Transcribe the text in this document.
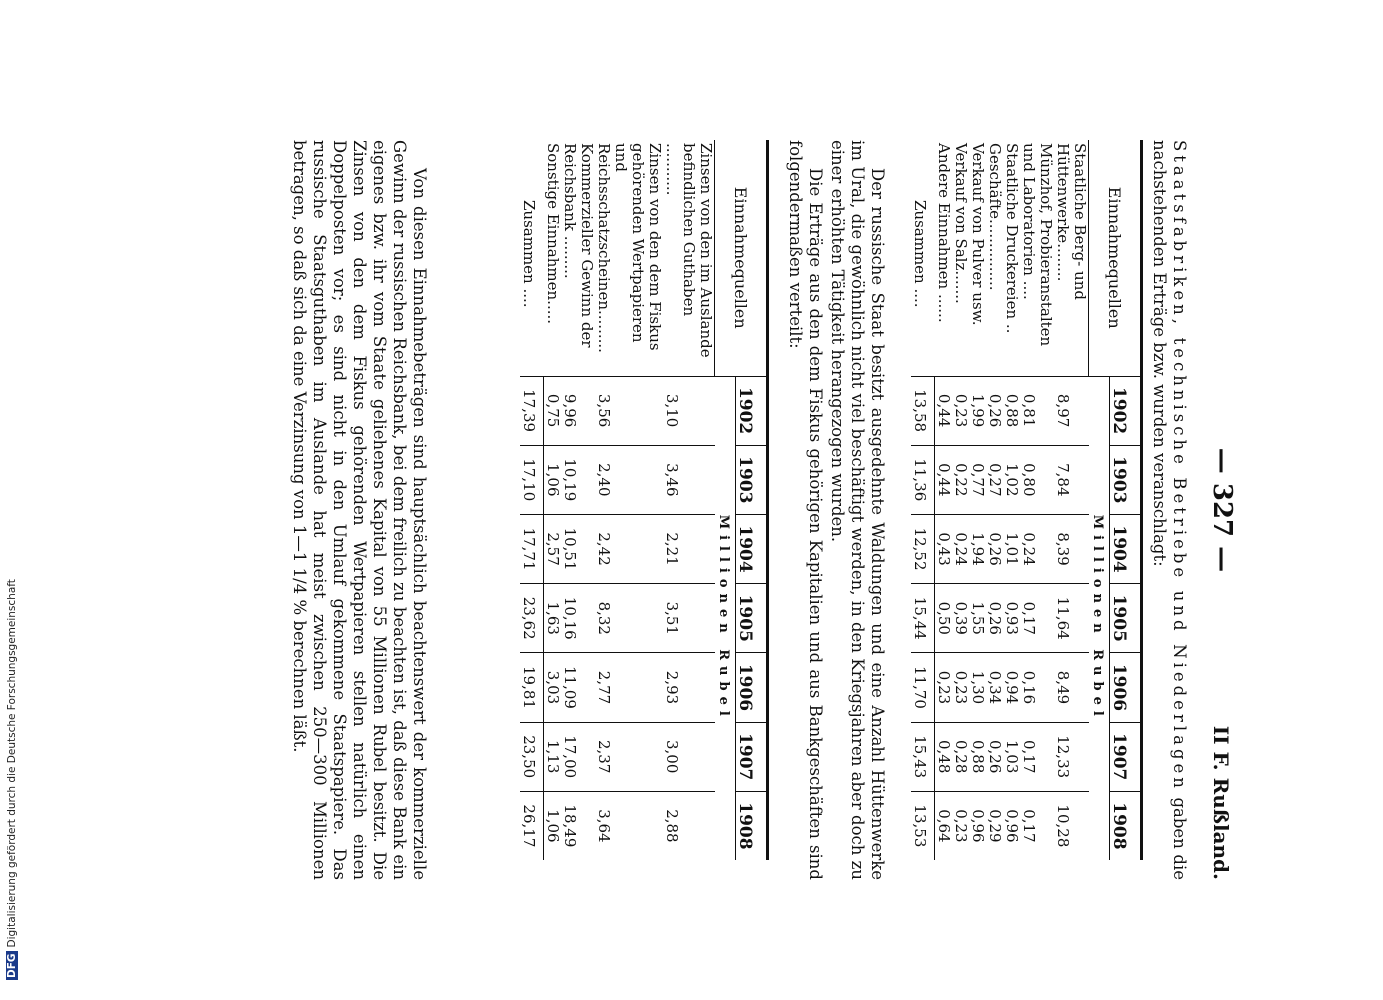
— 327 —
II F. Rußland.

Staatsfabriken, technische Betriebe und Niederlagen gaben die nachstehenden Erträge bzw. wurden veranschlagt:

Einnahmequellen	1902	1903	1904	1905	1906	1907	1908
	Millionen Rubel						
Staatliche Berg- und Hüttenwerke........	8,97	7,84	8,39	11,64	8,49	12,33	10,28
Münzhof, Probieranstalten und Laboratorien ....	0,81	0,80	0,24	0,17	0,16	0,17	0,17
Staatliche Druckereien ..	0,88	1,02	1,01	0,93	0,94	1,03	0,96
Geschäfte...............	0,26	0,27	0,26	0,26	0,34	0,26	0,29
Verkauf von Pulver usw.	1,99	0,77	1,94	1,55	1,30	0,88	0,96
Verkauf von Salz.......	0,23	0,22	0,24	0,39	0,23	0,28	0,23
Andere Einnahmen ......	0,44	0,44	0,43	0,50	0,23	0,48	0,64
Zusammen ....	13,58	11,36	12,52	15,44	11,70	15,43	13,53

Der russische Staat besitzt ausgedehnte Waldungen und eine Anzahl Hüttenwerke im Ural, die gewöhnlich nicht viel beschäftigt werden, in den Kriegsjahren aber doch zu einer erhöhten Tätigkeit herangezogen wurden.

Die Erträge aus den dem Fiskus gehörigen Kapitalien und aus Bankgeschäften sind folgendermaßen verteilt:

Einnahmequellen	1902	1903	1904	1905	1906	1907	1908
	Millionen Rubel						
Zinsen von den im Auslande befindlichen Guthaben ...........	3,10	3,46	2,21	3,51	2,93	3,00	2,88
Zinsen von den dem Fiskus gehörenden Wertpapieren und Reichsschatzscheinen.........	3,56	2,40	2,42	8,32	2,77	2,37	3,64
Kommerzieller Gewinn der Reichsbank .........	9,96	10,19	10,51	10,16	11,09	17,00	18,49
Sonstige Einnahmen.....	0,75	1,06	2,57	1,63	3,03	1,13	1,06
Zusammen ....	17,39	17,10	17,71	23,62	19,81	23,50	26,17

Von diesen Einnahmebeträgen sind hauptsächlich beachtenswert der kommerzielle Gewinn der russischen Reichsbank, bei dem freilich zu beachten ist, daß diese Bank ein eigenes bzw. ihr vom Staate geliehenes Kapital von 55 Millionen Rubel besitzt. Die Zinsen von den dem Fiskus gehörenden Wertpapieren stellen natürlich einen Doppelposten vor; es sind nicht in den Umlauf gekommene Staatspapiere. Das russische Staatsguthaben im Auslande hat meist zwischen 250—300 Millionen betragen, so daß sich da eine Verzinsung von 1—1 1/4 % berechnen läßt.

DFGDigitalisierung gefördert durch die Deutsche Forschungsgemeinschaft
